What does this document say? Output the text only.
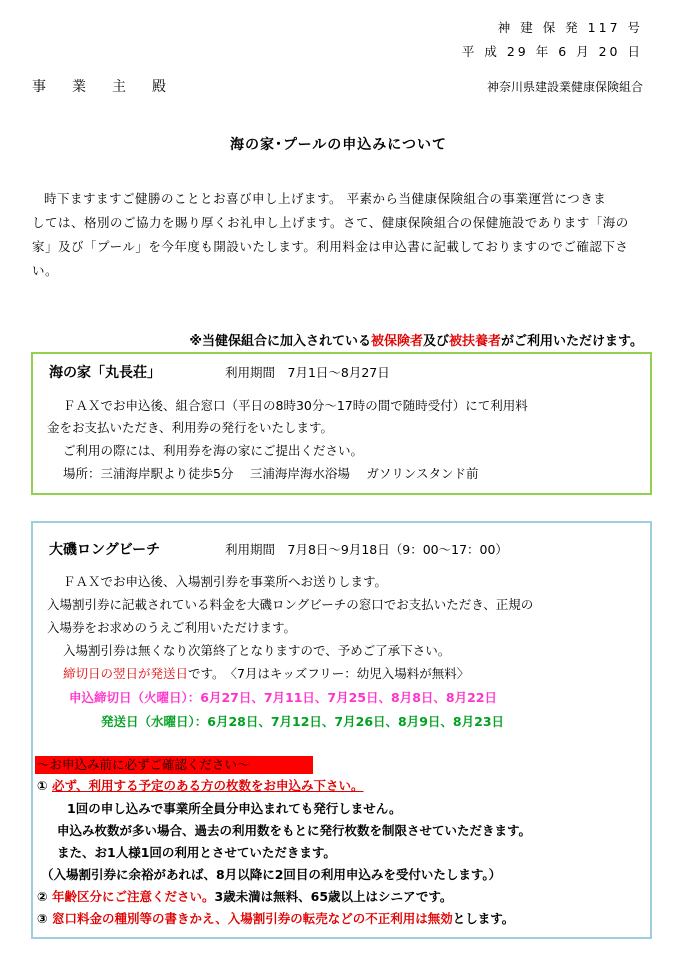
神 建 保 発 117 号
平 成 29 年 6 月 20 日
事　業　主　殿	神奈川県建設業健康保険組合
海の家･プールの申込みについて
時下ますますご健勝のこととお喜び申し上げます。 平素から当健康保険組合の事業運営につきま
しては、格別のご協力を賜り厚くお礼申し上げます。さて、健康保険組合の保健施設であります「海の
家」及び「プール」を今年度も開設いたします。利用料金は申込書に記載しておりますのでご確認下さ
い。
※当健保組合に加入されている被保険者及び被扶養者がご利用いただけます。
海の家「丸長荘」	利用期間　7月1日～8月27日
ＦＡＸでお申込後、組合窓口（平日の8時30分～17時の間で随時受付）にて利用料
金をお支払いただき、利用券の発行をいたします。
ご利用の際には、利用券を海の家にご提出ください。
場所：三浦海岸駅より徒歩5分　 三浦海岸海水浴場　 ガソリンスタンド前
大磯ロングビーチ	利用期間　7月8日～9月18日（9：00～17：00）
ＦＡＸでお申込後、入場割引券を事業所へお送りします。
入場割引券に記載されている料金を大磯ロングビーチの窓口でお支払いただき、正規の
入場券をお求めのうえご利用いただけます。
入場割引券は無くなり次第終了となりますので、予めご了承下さい。
締切日の翌日が発送日です。　〈7月はキッズフリー：幼児入場料が無料〉
申込締切日（火曜日）：6月27日、7月11日、7月25日、8月8日、8月22日
発送日（水曜日）：6月28日、7月12日、7月26日、8月9日、8月23日
～お申込み前に必ずご確認ください～
① 必ず、利用する予定のある方の枚数をお申込み下さい。
1回の申し込みで事業所全員分申込まれても発行しません。
申込み枚数が多い場合、過去の利用数をもとに発行枚数を制限させていただきます。
また、お1人様1回の利用とさせていただきます。
（入場割引券に余裕があれば、8月以降に2回目の利用申込みを受付いたします。）
② 年齢区分にご注意ください。3歳未満は無料、65歳以上はシニアです。
③ 窓口料金の種別等の書きかえ、入場割引券の転売などの不正利用は無効とします。
